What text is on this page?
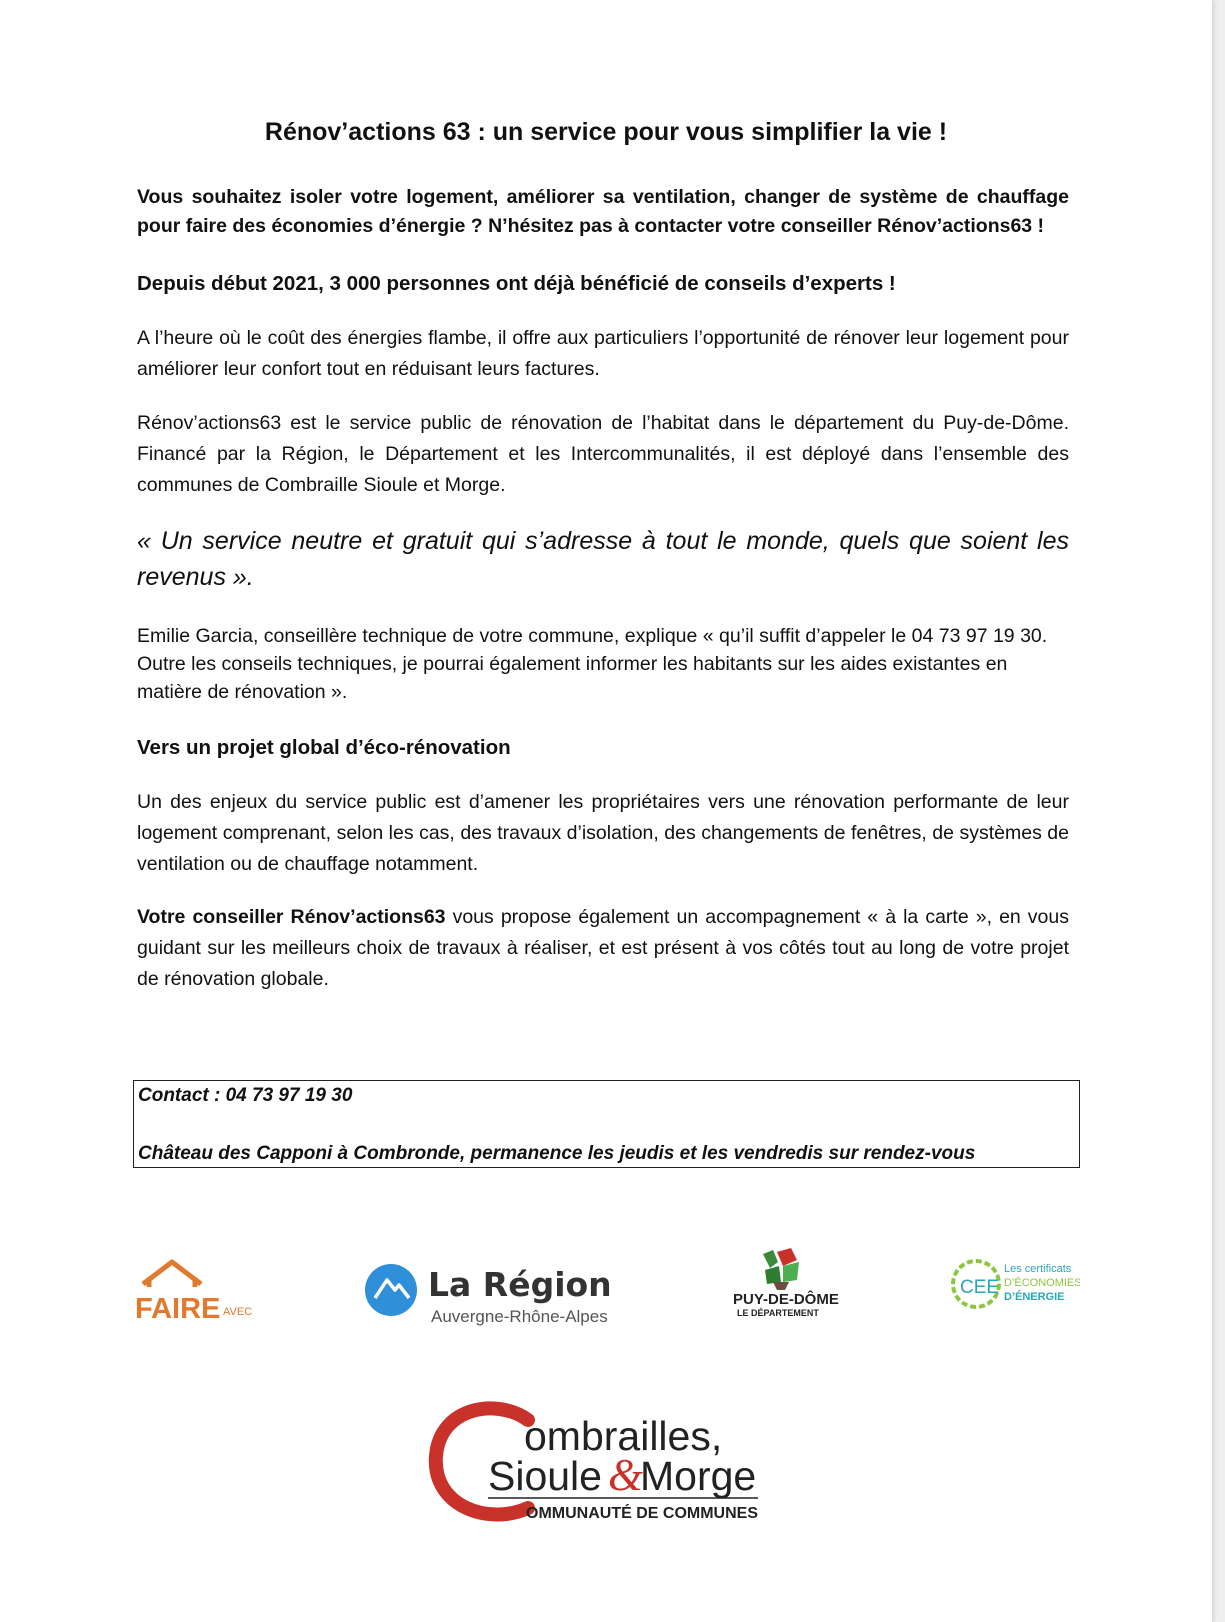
Rénov’actions 63 : un service pour vous simplifier la vie !
Vous souhaitez isoler votre logement, améliorer sa ventilation, changer de système de chauffage pour faire des économies d’énergie ? N’hésitez pas à contacter votre conseiller Rénov’actions63 !
Depuis début 2021, 3 000 personnes ont déjà bénéficié de conseils d’experts !
A l’heure où le coût des énergies flambe, il offre aux particuliers l’opportunité de rénover leur logement pour améliorer leur confort tout en réduisant leurs factures.
Rénov’actions63 est le service public de rénovation de l’habitat dans le département du Puy-de-Dôme. Financé par la Région, le Département et les Intercommunalités, il est déployé dans l’ensemble des communes de Combraille Sioule et Morge.
« Un service neutre et gratuit qui s’adresse à tout le monde, quels que soient les revenus ».
Emilie Garcia, conseillère technique de votre commune, explique « qu’il suffit d’appeler le 04 73 97 19 30. Outre les conseils techniques, je pourrai également informer les habitants sur les aides existantes en matière de rénovation ».
Vers un projet global d’éco-rénovation
Un des enjeux du service public est d’amener les propriétaires vers une rénovation performante de leur logement comprenant, selon les cas, des travaux d’isolation, des changements de fenêtres, de systèmes de ventilation ou de chauffage notamment.
Votre conseiller Rénov’actions63 vous propose également un accompagnement « à la carte », en vous guidant sur les meilleurs choix de travaux à réaliser, et est présent à vos côtés tout au long de votre projet de rénovation globale.
Contact : 04 73 97 19 30
Château des Capponi à Combronde, permanence les jeudis et les vendredis sur rendez-vous
FAIRE AVEC
La Région
Auvergne-Rhône-Alpes
PUY-DE-DÔME
LE DÉPARTEMENT
CEE
Les certificats
D’ÉCONOMIES
D’ÉNERGIE
ombrailles,
Sioule &
Morge
OMMUNAUTÉ DE COMMUNES
